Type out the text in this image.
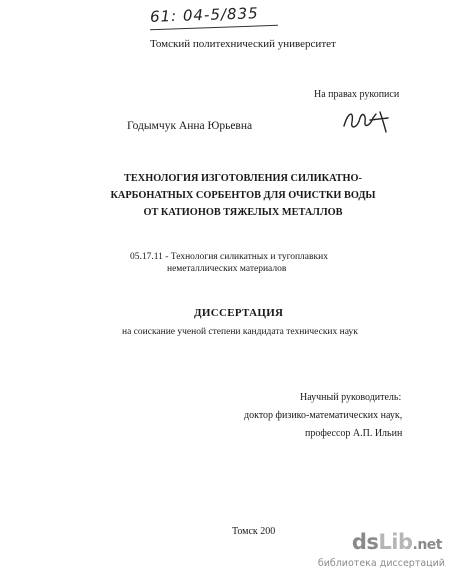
61: 04-5/835
Томский политехнический университет
На правах рукописи
Годымчук Анна Юрьевна
ТЕХНОЛОГИЯ ИЗГОТОВЛЕНИЯ СИЛИКАТНО-
КАРБОНАТНЫХ СОРБЕНТОВ ДЛЯ ОЧИСТКИ ВОДЫ
ОТ КАТИОНОВ ТЯЖЕЛЫХ МЕТАЛЛОВ
05.17.11 - Технология силикатных и тугоплавких
неметаллических материалов
ДИССЕРТАЦИЯ
на соискание ученой степени кандидата технических наук
Научный руководитель:
доктор физико-математических наук,
профессор А.П. Ильин
Томск 200	dsLib.net
библиотека диссертаций
